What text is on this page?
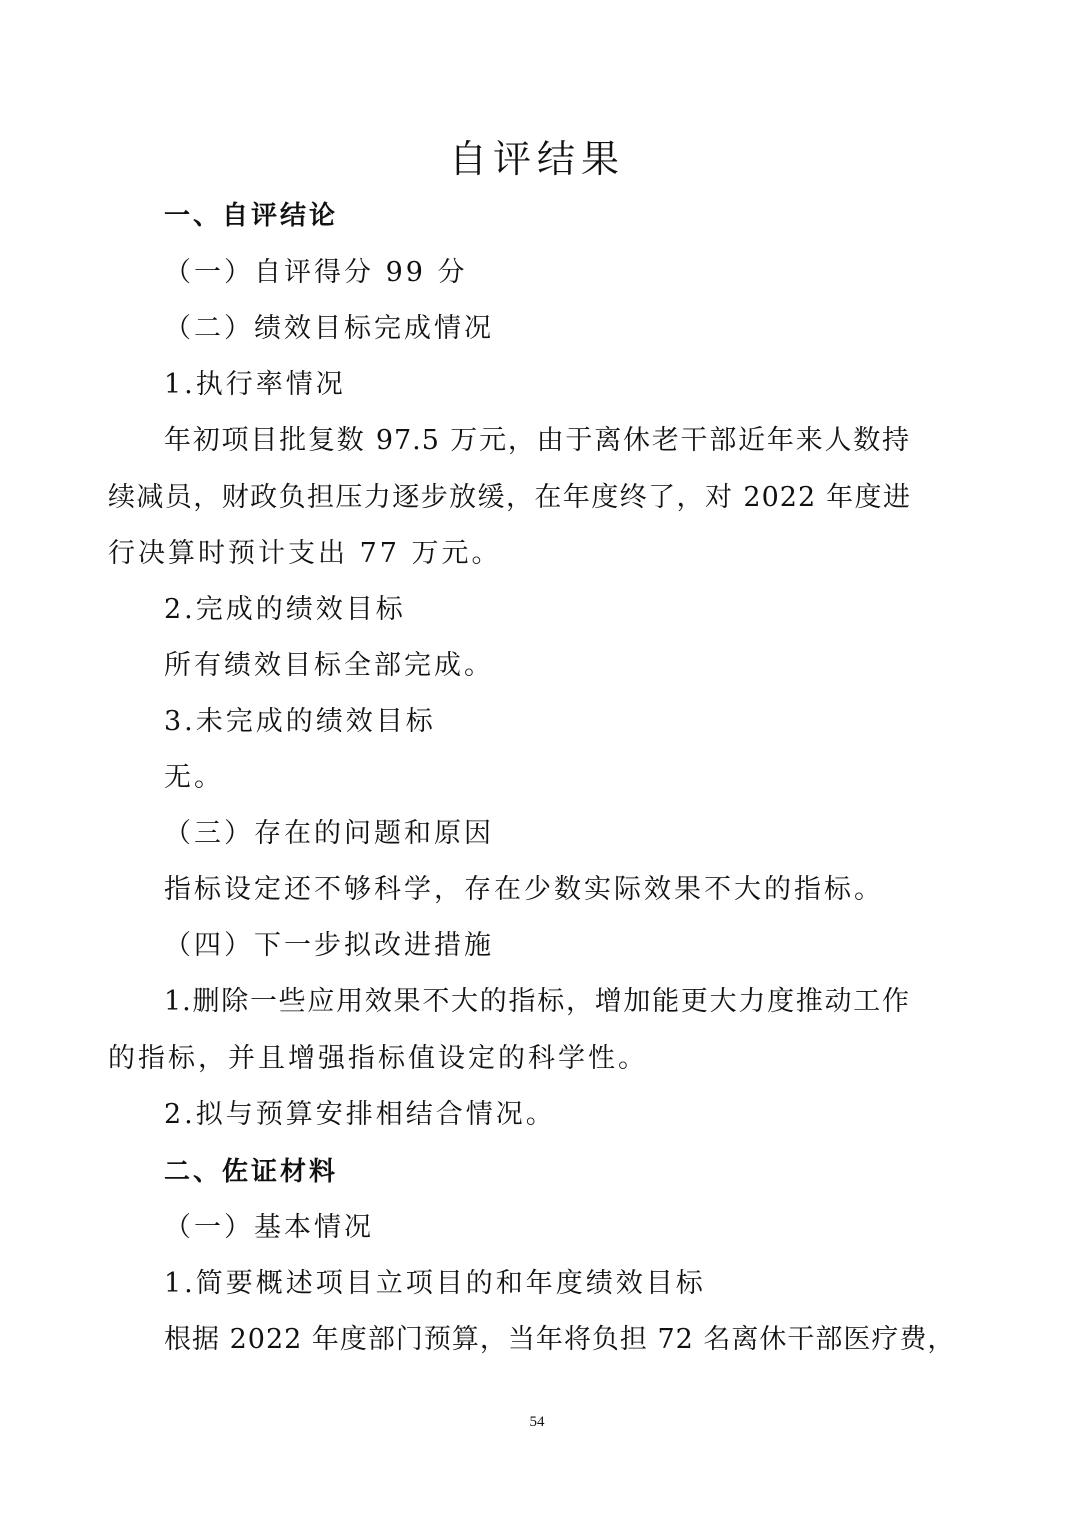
自评结果
一、自评结论
（一）自评得分 99 分
（二）绩效目标完成情况
1.执行率情况
年初项目批复数 97.5 万元，由于离休老干部近年来人数持
续减员，财政负担压力逐步放缓，在年度终了，对 2022 年度进
行决算时预计支出 77 万元。
2.完成的绩效目标
所有绩效目标全部完成。
3.未完成的绩效目标
无。
（三）存在的问题和原因
指标设定还不够科学，存在少数实际效果不大的指标。
（四）下一步拟改进措施
1.删除一些应用效果不大的指标，增加能更大力度推动工作
的指标，并且增强指标值设定的科学性。
2.拟与预算安排相结合情况。
二、佐证材料
（一）基本情况
1.简要概述项目立项目的和年度绩效目标
根据 2022 年度部门预算，当年将负担 72 名离休干部医疗费，
54
